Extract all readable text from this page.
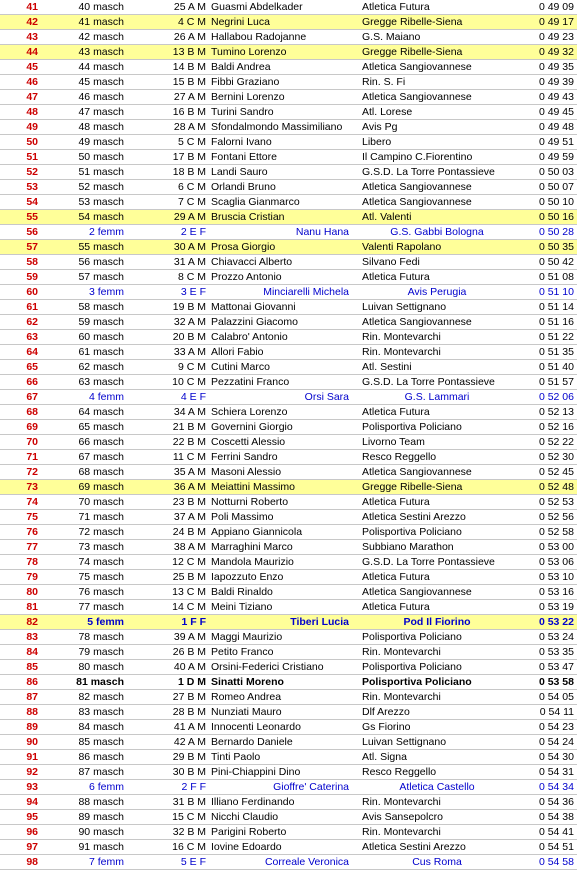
41	40 masch	25 A M Guasmi Abdelkader	Atletica Futura	0 49 09
42	41 masch	4 C M Negrini Luca	Gregge Ribelle-Siena	0 49 17
43	42 masch	26 A M Hallabou Radojanne	G.S. Maiano	0 49 23
44	43 masch	13 B M Tumino Lorenzo	Gregge Ribelle-Siena	0 49 32
45	44 masch	14 B M Baldi Andrea	Atletica Sangiovannese	0 49 35
46	45 masch	15 B M Fibbi Graziano	Rin. S. Fi	0 49 39
47	46 masch	27 A M Bernini Lorenzo	Atletica Sangiovannese	0 49 43
48	47 masch	16 B M Turini Sandro	Atl. Lorese	0 49 45
49	48 masch	28 A M Sfondalmondo Massimiliano	Avis Pg	0 49 48
50	49 masch	5 C M Falorni Ivano	Libero	0 49 51
51	50 masch	17 B M Fontani Ettore	Il Campino C.Fiorentino	0 49 59
52	51 masch	18 B M Landi Sauro	G.S.D. La Torre Pontassieve	0 50 03
53	52 masch	6 C M Orlandi Bruno	Atletica Sangiovannese	0 50 07
54	53 masch	7 C M Scaglia Gianmarco	Atletica Sangiovannese	0 50 10
55	54 masch	29 A M Bruscia Cristian	Atl. Valenti	0 50 16
56	2 femm	2 E F	Nanu Hana	G.S. Gabbi Bologna	0 50 28
57	55 masch	30 A M Prosa Giorgio	Valenti Rapolano	0 50 35
58	56 masch	31 A M Chiavacci Alberto	Silvano Fedi	0 50 42
59	57 masch	8 C M Prozzo Antonio	Atletica Futura	0 51 08
60	3 femm	3 E F	Minciarelli Michela	Avis Perugia	0 51 10
61	58 masch	19 B M Mattonai Giovanni	Luivan Settignano	0 51 14
62	59 masch	32 A M Palazzini Giacomo	Atletica Sangiovannese	0 51 16
63	60 masch	20 B M Calabro' Antonio	Rin. Montevarchi	0 51 22
64	61 masch	33 A M Allori Fabio	Rin. Montevarchi	0 51 35
65	62 masch	9 C M Cutini Marco	Atl. Sestini	0 51 40
66	63 masch	10 C M Pezzatini Franco	G.S.D. La Torre Pontassieve	0 51 57
67	4 femm	4 E F	Orsi Sara	G.S. Lammari	0 52 06
68	64 masch	34 A M Schiera Lorenzo	Atletica Futura	0 52 13
69	65 masch	21 B M Governini Giorgio	Polisportiva Policiano	0 52 16
70	66 masch	22 B M Coscetti Alessio	Livorno Team	0 52 22
71	67 masch	11 C M Ferrini Sandro	Resco Reggello	0 52 30
72	68 masch	35 A M Masoni Alessio	Atletica Sangiovannese	0 52 45
73	69 masch	36 A M Meiattini Massimo	Gregge Ribelle-Siena	0 52 48
74	70 masch	23 B M Notturni Roberto	Atletica Futura	0 52 53
75	71 masch	37 A M Poli Massimo	Atletica Sestini Arezzo	0 52 56
76	72 masch	24 B M Appiano Giannicola	Polisportiva Policiano	0 52 58
77	73 masch	38 A M Marraghini Marco	Subbiano Marathon	0 53 00
78	74 masch	12 C M Mandola Maurizio	G.S.D. La Torre Pontassieve	0 53 06
79	75 masch	25 B M Iapozzuto Enzo	Atletica Futura	0 53 10
80	76 masch	13 C M Baldi Rinaldo	Atletica Sangiovannese	0 53 16
81	77 masch	14 C M Meini Tiziano	Atletica Futura	0 53 19
82	5 femm	1 F F	Tiberi Lucia	Pod Il Fiorino	0 53 22
83	78 masch	39 A M Maggi Maurizio	Polisportiva Policiano	0 53 24
84	79 masch	26 B M Petito Franco	Rin. Montevarchi	0 53 35
85	80 masch	40 A M Orsini-Federici Cristiano	Polisportiva Policiano	0 53 47
86	81 masch	1 D M Sinatti Moreno	Polisportiva Policiano	0 53 58
87	82 masch	27 B M Romeo Andrea	Rin. Montevarchi	0 54 05
88	83 masch	28 B M Nunziati Mauro	Dlf Arezzo	0 54 11
89	84 masch	41 A M Innocenti Leonardo	Gs Fiorino	0 54 23
90	85 masch	42 A M Bernardo Daniele	Luivan Settignano	0 54 24
91	86 masch	29 B M Tinti Paolo	Atl. Signa	0 54 30
92	87 masch	30 B M Pini-Chiappini Dino	Resco Reggello	0 54 31
93	6 femm	2 F F	Gioffre' Caterina	Atletica Castello	0 54 34
94	88 masch	31 B M Illiano Ferdinando	Rin. Montevarchi	0 54 36
95	89 masch	15 C M Nicchi Claudio	Avis Sansepolcro	0 54 38
96	90 masch	32 B M Parigini Roberto	Rin. Montevarchi	0 54 41
97	91 masch	16 C M Iovine Edoardo	Atletica Sestini Arezzo	0 54 51
98	7 femm	5 E F	Correale Veronica	Cus Roma	0 54 58
